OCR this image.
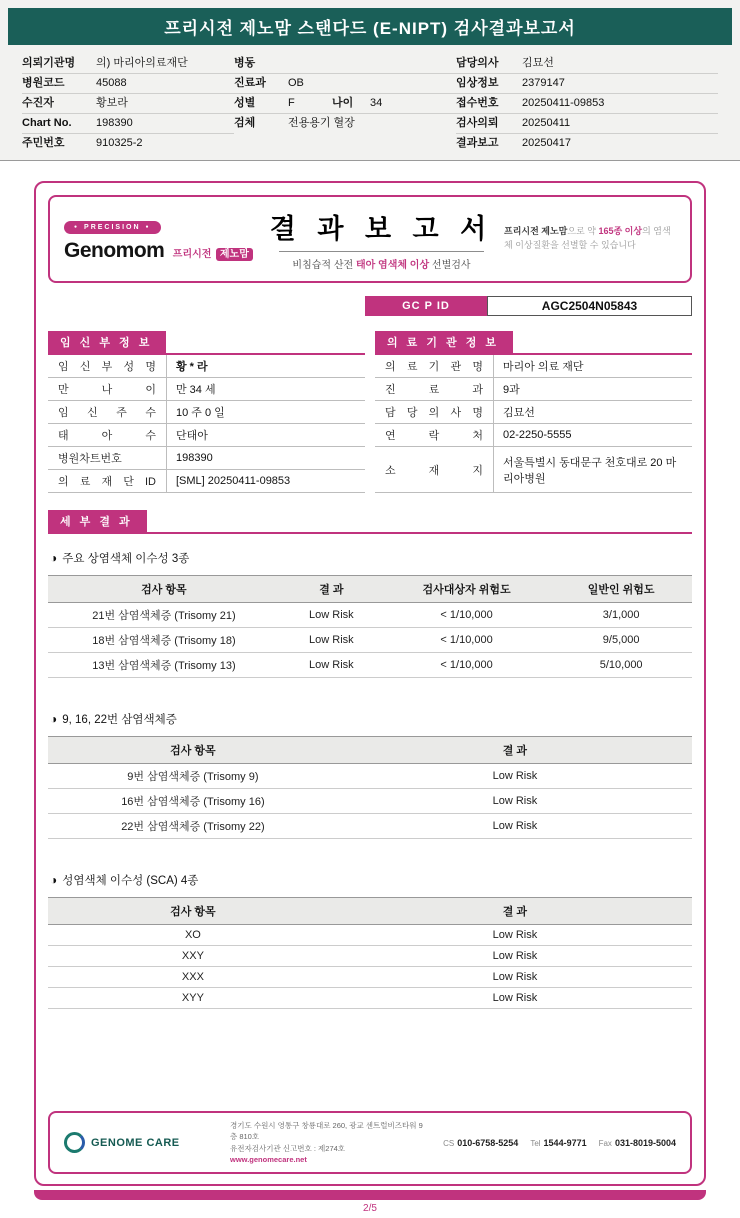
프리시전 제노맘 스탠다드 (E-NIPT) 검사결과보고서
의뢰기관명	의) 마리아의료재단
병원코드	45088
수진자	황보라
Chart No.	198390
주민번호	910325-2
병동
진료과	OB
성별	F	나이	34
검체	전용용기 혈장
담당의사	김묘선
임상정보	2379147
접수번호	20250411-09853
검사의뢰	20250411
결과보고	20250417
● PRECISION ●
Genomom 프리시전 제노맘
결 과 보 고 서
비침습적 산전 태아 염색체 이상 선별검사
프리시전 제노맘으로 약 165종 이상의 염색체 이상질환을 선별할 수 있습니다
GC P ID	AGC2504N05843
임 신 부 정 보
임 신 부 성 명	황 * 라
만 나 이	만 34 세
임 신 주 수	10 주 0 일
태 아 수	단태아
병원차트번호	198390
의 료 재 단 ID	[SML] 20250411-09853
의 료 기 관 정 보
의 료 기 관 명	마리아 의료 재단
진 료 과	9과
담 당 의 사 명	김묘선
연 락 처	02-2250-5555
소 재 지
서울특별시 동대문구 천호대로 20 마리아병원
세 부 결 과
◑ 주요 상염색체 이수성 3종
검사 항목	결 과	검사대상자 위험도	일반인 위험도
21번 삼염색체증 (Trisomy 21)	Low Risk	< 1/10,000	3/1,000
18번 삼염색체증 (Trisomy 18)	Low Risk	< 1/10,000	9/5,000
13번 삼염색체증 (Trisomy 13)	Low Risk	< 1/10,000	5/10,000
◑ 9, 16, 22번 삼염색체증
검사 항목	결 과
9번 삼염색체증 (Trisomy 9)	Low Risk
16번 삼염색체증 (Trisomy 16)	Low Risk
22번 삼염색체증 (Trisomy 22)	Low Risk
◑ 성염색체 이수성 (SCA) 4종
검사 항목	결 과
XO	Low Risk
XXY	Low Risk
XXX	Low Risk
XYY	Low Risk
GENOME CARE
경기도 수원시 영통구 창룡대로 260, 광교 센트럴비즈타워 9층 810호
유전자검사기관 신고번호 : 제274호
www.genomecare.net
CS 010-6758-5254 Tel 1544-9771 Fax 031-8019-5004
2/5
